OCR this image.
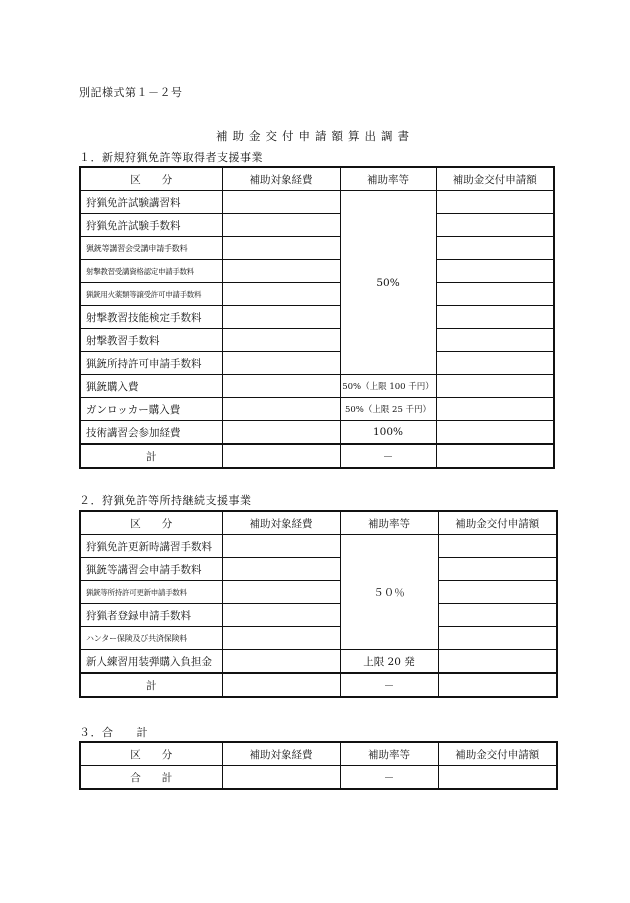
別記様式第１－２号
補助金交付申請額算出調書
１．新規狩猟免許等取得者支援事業
区　　分	補助対象経費	補助率等	補助金交付申請額
狩猟免許試験講習料		50%	
狩猟免許試験手数料			
猟銃等講習会受講申請手数料			
射撃教習受講資格認定申請手数料			
猟銃用火薬類等譲受許可申請手数料			
射撃教習技能検定手数料			
射撃教習手数料			
猟銃所持許可申請手数料			
猟銃購入費		50%（上限 100 千円）	
ガンロッカー購入費		50%（上限 25 千円）	
技術講習会参加経費		100%	
計		－	
２．狩猟免許等所持継続支援事業
区　　分	補助対象経費	補助率等	補助金交付申請額
狩猟免許更新時講習手数料		５０％	
猟銃等講習会申請手数料			
猟銃等所持許可更新申請手数料			
狩猟者登録申請手数料			
ハンター保険及び共済保険料			
新人練習用装弾購入負担金		上限 20 発	
計		－	
３．合　　計
区　　分	補助対象経費	補助率等	補助金交付申請額
合　　計		－	
